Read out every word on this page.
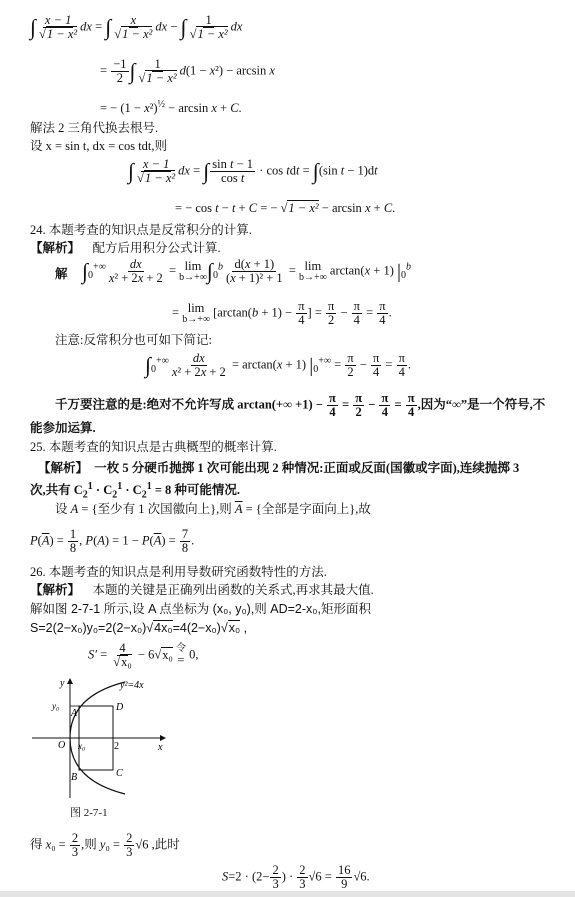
∫ $\frac{x - 1}{\text{√1 − x²}}$ dx = ∫ $\frac{x}{\text{√1 − x²}}$ dx − ∫ $\frac{1}{\text{√1 − x²}}$ dx
= $\frac{-1}{2}$ ∫ $\frac{1}{\text{√1 − x²}} d(1 - x^2) - \arcsin x$
= − $(1 - x^2)^{\frac{1}{2}} - \arcsin x + C$.
解法 2 三角代换去根号.
设 x = sin t, dx = cos tdt,则
∫ $\frac{x - 1}{\text{√1 − x²}}$ dx = ∫ $\frac{\text{sin t − 1}}{\text{cos t}} \cdot \cos$ tdt = ∫(sin t − 1)dt
= − cos t − t + C = − √1 − x² − arcsin x + C.
24. 本题考查的知识点是反常积分的计算.
【解析】 配方后用积分公式计算.
解 $\int_0^{+\infty} \frac{dx}{\text{x² + 2x + 2}} = \lim$
b→+∞ $\int_0^b \frac{d(x + 1)}{\text{(x + 1)² + 1}} = \lim$
b→+∞ arctan(x + 1) $|_0^b$
= lim
b→+∞ [$\arctan(b + 1) - \frac{\pi}{4}$ ] = $\frac{\pi}{2} - \frac{\pi}{4} = \frac{\pi}{4}$ .
注意:反常积分也可如下简记:
$\int_0^{+\infty} \frac{dx}{\text{x² + 2x + 2}} = \arctan(x + 1) |_0^{+\infty} = \frac{\pi}{2} - \frac{\pi}{4} = \frac{\pi}{4}$ .
千万要注意的是:绝对不允许写成 $\arctan(+\infty +1) - \frac{\pi}{4} = \frac{\pi}{2} - \frac{\pi}{4} = \frac{\pi}{4}$ ,因为“∞”是一个符号,不
能参加运算.
25. 本题考查的知识点是古典概型的概率计算.
【解析】 一枚 5 分硬币抛掷 1 次可能出现 2 种情况:正面或反面(国徽或字面),连续抛掷 3
次,共有 $C_2^1 \cdot C_2^1 \cdot C_2^1 = 8$ 种可能情况.
设 A = {至少有 1 次国徽向上},则 $\overline{A}$ = {全部是字面向上},故
$P(\overline{A}) = \frac{1}{8}$ , $P(A) = 1 - P(\overline{A}) = \frac{7}{8}$ .
26. 本题考查的知识点是利用导数研究函数特性的方法.
【解析】 本题的关键是正确列出函数的关系式,再求其最大值.
解如图 2-7-1 所示,设 A 点坐标为 (x₀, y₀),则 AD=2-x₀,矩形面积
S=2(2−x₀)y₀=2(2−x₀)√4x₀=4(2−x₀)√x₀ ,
$S' = \frac{4}{\text{√x₀}} - 6√x_0$ 令
= 0,
y²=4x
y
x
O
A
D
B	C
x₀	2
y₀
图 2-7-1
得 $x_0 = \frac{2}{3}$ ,则 $y_0 = \frac{2}{3} √6$ ,此时
$S=2 \cdot (2- \frac{2}{3}$ ) · $\frac{2}{3} √6 = \frac{16}{9} √6$.
